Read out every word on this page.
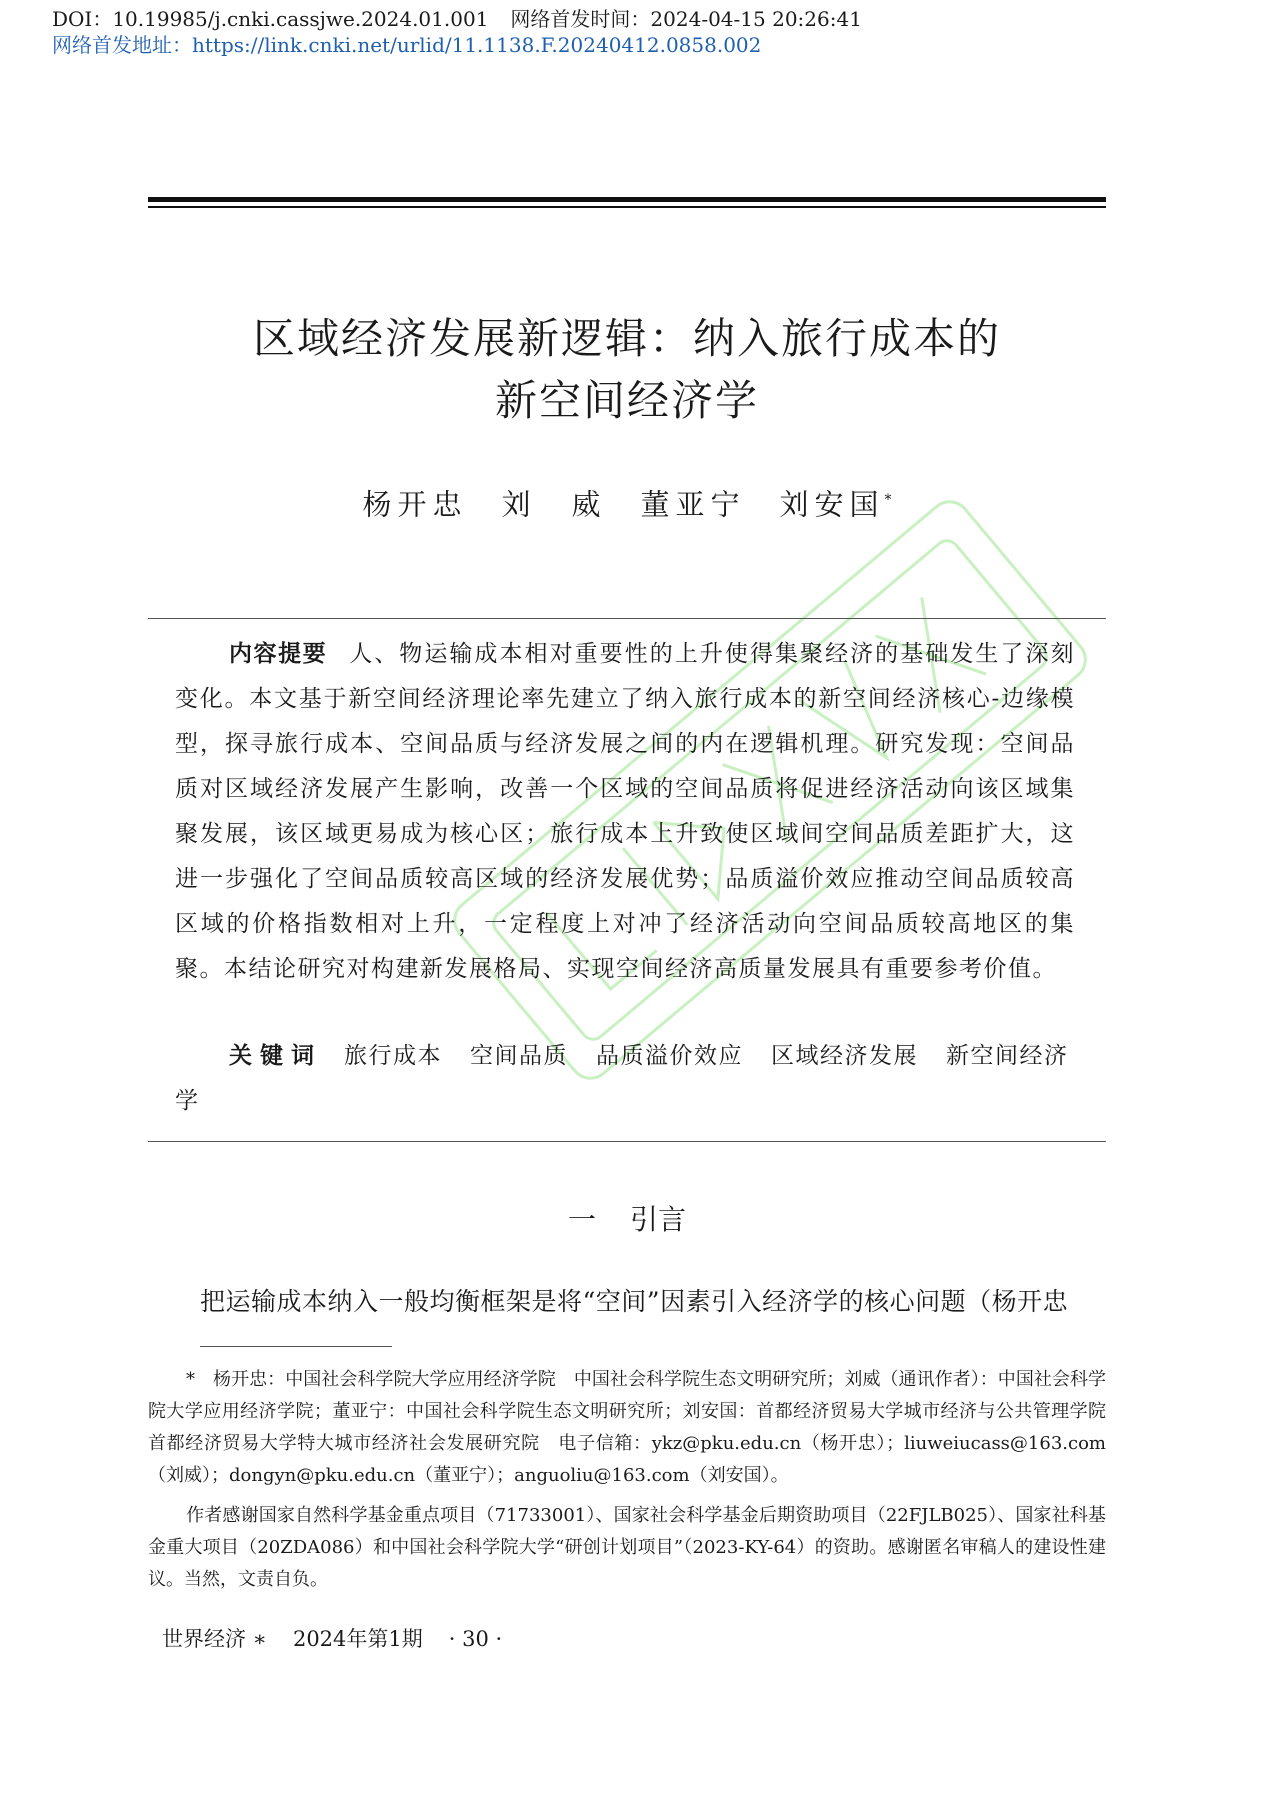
DOI：10.19985/j.cnki.cassjwe.2024.01.001 网络首发时间：2024-04-15 20:26:41
网络首发地址：https://link.cnki.net/urlid/11.1138.F.20240412.0858.002
区域经济发展新逻辑：纳入旅行成本的
新空间经济学
杨开忠 刘　威 董亚宁 刘安国*
内容提要 人、物运输成本相对重要性的上升使得集聚经济的基础发生了深刻变化。本文基于新空间经济理论率先建立了纳入旅行成本的新空间经济核心-边缘模型，探寻旅行成本、空间品质与经济发展之间的内在逻辑机理。研究发现：空间品质对区域经济发展产生影响，改善一个区域的空间品质将促进经济活动向该区域集聚发展，该区域更易成为核心区；旅行成本上升致使区域间空间品质差距扩大，这进一步强化了空间品质较高区域的经济发展优势；品质溢价效应推动空间品质较高区域的价格指数相对上升，一定程度上对冲了经济活动向空间品质较高地区的集聚。本结论研究对构建新发展格局、实现空间经济高质量发展具有重要参考价值。
关键词 旅行成本 空间品质 品质溢价效应 区域经济发展 新空间经济学
一 引言
把运输成本纳入一般均衡框架是将“空间”因素引入经济学的核心问题（杨开忠
* 杨开忠：中国社会科学院大学应用经济学院　中国社会科学院生态文明研究所；刘威（通讯作者）：中国社会科学院大学应用经济学院；董亚宁：中国社会科学院生态文明研究所；刘安国：首都经济贸易大学城市经济与公共管理学院　首都经济贸易大学特大城市经济社会发展研究院　电子信箱：ykz@pku.edu.cn（杨开忠）；liuweiucass@163.com（刘威）；dongyn@pku.edu.cn（董亚宁）；anguoliu@163.com（刘安国）。
作者感谢国家自然科学基金重点项目（71733001）、国家社会科学基金后期资助项目（22FJLB025）、国家社科基金重大项目（20ZDA086）和中国社会科学院大学“研创计划项目”（2023-KY-64）的资助。感谢匿名审稿人的建设性建议。当然，文责自负。
世界经济 ∗ 2024年第1期 · 30 ·
